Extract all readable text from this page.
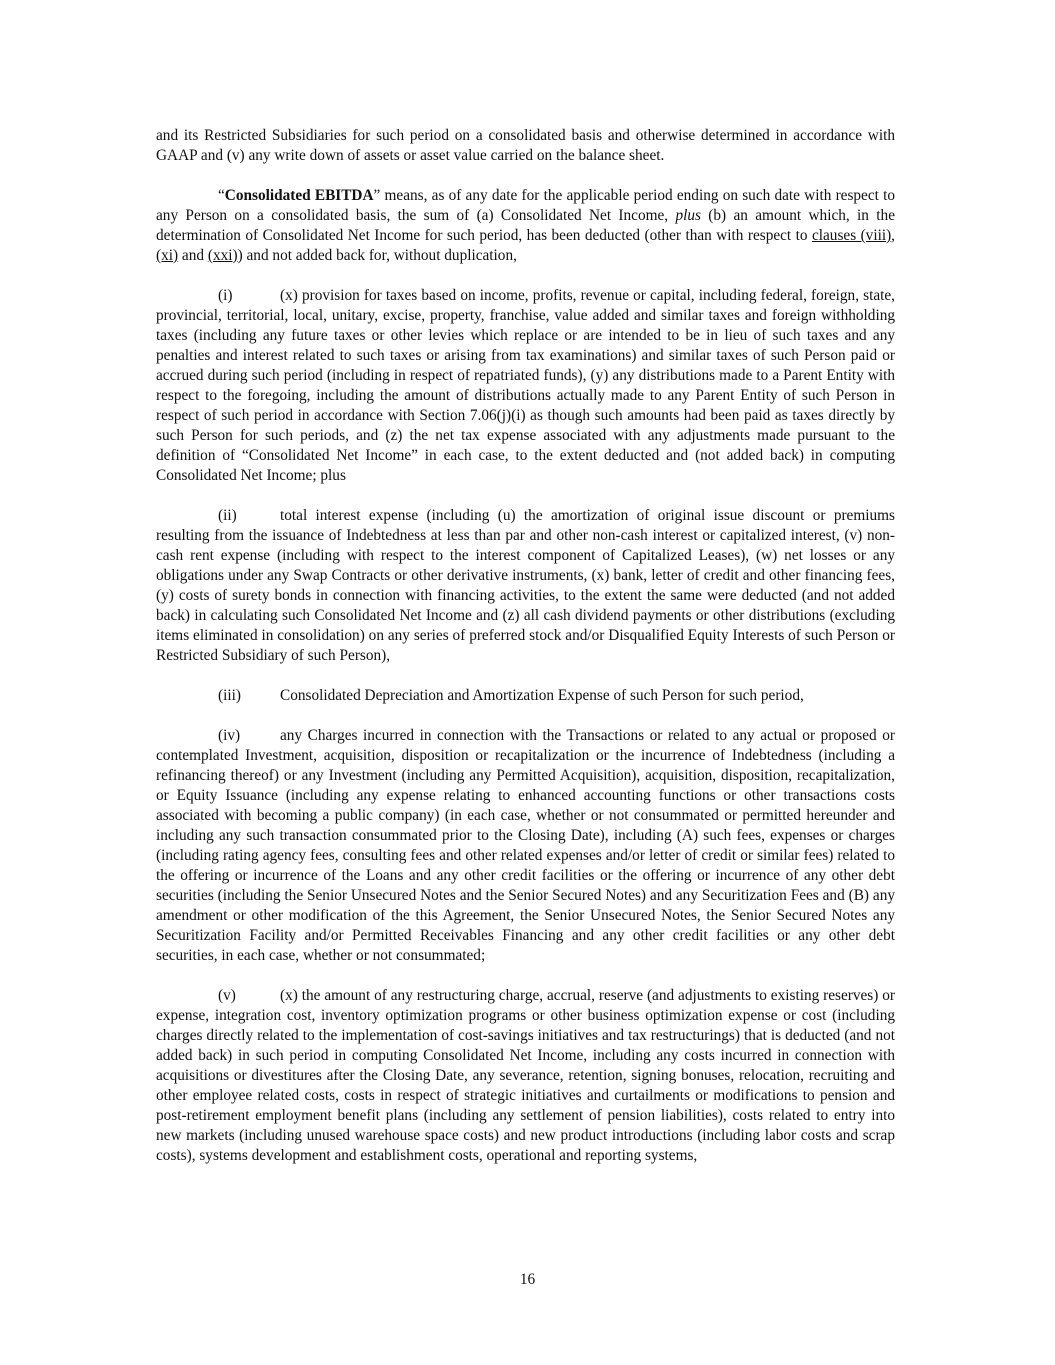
and its Restricted Subsidiaries for such period on a consolidated basis and otherwise determined in accordance with GAAP and (v) any write down of assets or asset value carried on the balance sheet.

“Consolidated EBITDA” means, as of any date for the applicable period ending on such date with respect to any Person on a consolidated basis, the sum of (a) Consolidated Net Income, plus (b) an amount which, in the determination of Consolidated Net Income for such period, has been deducted (other than with respect to clauses (viii), (xi) and (xxi)) and not added back for, without duplication,

(i)	(x) provision for taxes based on income, profits, revenue or capital, including federal, foreign, state, provincial, territorial, local, unitary, excise, property, franchise, value added and similar taxes and foreign withholding taxes (including any future taxes or other levies which replace or are intended to be in lieu of such taxes and any penalties and interest related to such taxes or arising from tax examinations) and similar taxes of such Person paid or accrued during such period (including in respect of repatriated funds), (y) any distributions made to a Parent Entity with respect to the foregoing, including the amount of distributions actually made to any Parent Entity of such Person in respect of such period in accordance with Section 7.06(j)(i) as though such amounts had been paid as taxes directly by such Person for such periods, and (z) the net tax expense associated with any adjustments made pursuant to the definition of “Consolidated Net Income” in each case, to the extent deducted and (not added back) in computing Consolidated Net Income; plus

(ii)	total interest expense (including (u) the amortization of original issue discount or premiums resulting from the issuance of Indebtedness at less than par and other non-cash interest or capitalized interest, (v) non-cash rent expense (including with respect to the interest component of Capitalized Leases), (w) net losses or any obligations under any Swap Contracts or other derivative instruments, (x) bank, letter of credit and other financing fees, (y) costs of surety bonds in connection with financing activities, to the extent the same were deducted (and not added back) in calculating such Consolidated Net Income and (z) all cash dividend payments or other distributions (excluding items eliminated in consolidation) on any series of preferred stock and/or Disqualified Equity Interests of such Person or Restricted Subsidiary of such Person),

(iii)	Consolidated Depreciation and Amortization Expense of such Person for such period,

(iv)	any Charges incurred in connection with the Transactions or related to any actual or proposed or contemplated Investment, acquisition, disposition or recapitalization or the incurrence of Indebtedness (including a refinancing thereof) or any Investment (including any Permitted Acquisition), acquisition, disposition, recapitalization, or Equity Issuance (including any expense relating to enhanced accounting functions or other transactions costs associated with becoming a public company) (in each case, whether or not consummated or permitted hereunder and including any such transaction consummated prior to the Closing Date), including (A) such fees, expenses or charges (including rating agency fees, consulting fees and other related expenses and/or letter of credit or similar fees) related to the offering or incurrence of the Loans and any other credit facilities or the offering or incurrence of any other debt securities (including the Senior Unsecured Notes and the Senior Secured Notes) and any Securitization Fees and (B) any amendment or other modification of the this Agreement, the Senior Unsecured Notes, the Senior Secured Notes any Securitization Facility and/or Permitted Receivables Financing and any other credit facilities or any other debt securities, in each case, whether or not consummated;

(v)	(x) the amount of any restructuring charge, accrual, reserve (and adjustments to existing reserves) or expense, integration cost, inventory optimization programs or other business optimization expense or cost (including charges directly related to the implementation of cost-savings initiatives and tax restructurings) that is deducted (and not added back) in such period in computing Consolidated Net Income, including any costs incurred in connection with acquisitions or divestitures after the Closing Date, any severance, retention, signing bonuses, relocation, recruiting and other employee related costs, costs in respect of strategic initiatives and curtailments or modifications to pension and post-retirement employment benefit plans (including any settlement of pension liabilities), costs related to entry into new markets (including unused warehouse space costs) and new product introductions (including labor costs and scrap costs), systems development and establishment costs, operational and reporting systems,

16
